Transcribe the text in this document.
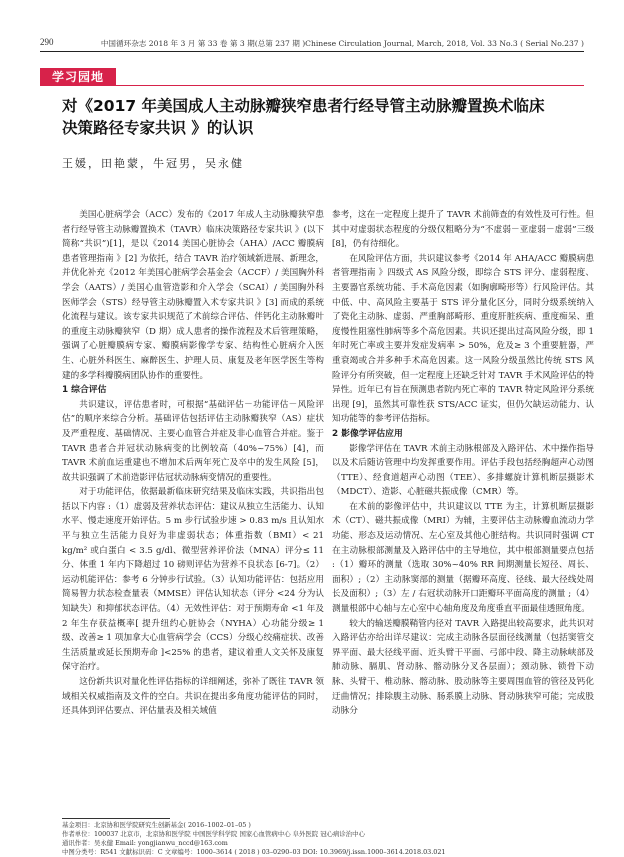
290	中国循环杂志 2018 年 3 月 第 33 卷 第 3 期(总第 237 期 )Chinese Circulation Journal, March, 2018, Vol. 33 No.3 ( Serial No.237 )
学习园地
对《2017 年美国成人主动脉瓣狭窄患者行经导管主动脉瓣置换术临床
决策路径专家共识 》的认识
王媛，田艳蒙，牛冠男，吴永健

美国心脏病学会（ACC）发布的《2017 年成人主动脉瓣狭窄患者行经导管主动脉瓣置换术（TAVR）临床决策路径专家共识 》(以下简称“共识”)[1]，是以《2014 美国心脏协会（AHA）/ACC 瓣膜病患者管理指南 》[2] 为依托，结合 TAVR 治疗领域新进展、新理念，并优化补充《2012 年美国心脏病学会基金会（ACCF）/ 美国胸外科学会（AATS）/ 美国心血管造影和介入学会（SCAI）/ 美国胸外科医师学会（STS）经导管主动脉瓣置入术专家共识 》[3] 而成的系统化流程与建议。该专家共识规范了术前综合评估、伴钙化主动脉瓣叶的重度主动脉瓣狭窄（D 期）成人患者的操作流程及术后管理策略，强调了心脏瓣膜病专家、瓣膜病影像学专家、结构性心脏病介入医生、心脏外科医生、麻醉医生、护理人员、康复及老年医学医生等构建的多学科瓣膜病团队协作的重要性。

1 综合评估

共识建议，评估患者时，可根据“基础评估－功能评估－风险评估”的顺序来综合分析。基础评估包括评估主动脉瓣狭窄（AS）症状及严重程度、基础情况、主要心血管合并症及非心血管合并症。鉴于 TAVR 患者合并冠状动脉病变的比例较高（40%~75%）[4]，而 TAVR 术前血运重建也不增加术后两年死亡及卒中的发生风险 [5]，故共识强调了术前造影评估冠状动脉病变情况的重要性。

对于功能评估，依据最新临床研究结果及临床实践，共识指出包括以下内容 :（1）虚弱及营养状态评估：建议从独立生活能力、认知水平、慢走速度开始评估。5 m 步行试验步速 > 0.83 m/s 且认知水平与独立生活能力良好为非虚弱状态；体重指数（BMI）< 21 kg/m² 或白蛋白 < 3.5 g/dl、微型营养评价法（MNA）评分≤ 11 分、体重 1 年内下降超过 10 磅则评估为营养不良状态 [6-7]。（2）运动机能评估：参考 6 分钟步行试验。（3）认知功能评估：包括应用简易智力状态检查量表（MMSE）评估认知状态（评分 <24 分为认知缺失）和抑郁状态评估。（4）无效性评估：对于预期寿命 <1 年及 2 年生存获益概率[ 提升纽约心脏协会（NYHA）心功能分级≥ 1 级、改善≥ 1 项加拿大心血管病学会（CCS）分级心绞痛症状、改善生活质量或延长预期寿命 ]<25% 的患者，建议着重人文关怀及康复保守治疗。

这份新共识对量化性评估指标的详细阐述，弥补了既往 TAVR 领域相关权威指南及文件的空白。共识在提出多角度功能评估的同时，还具体到评估要点、评估量表及相关域值

参考，这在一定程度上提升了 TAVR 术前筛查的有效性及可行性。但其中对虚弱状态程度的分级仅粗略分为“不虚弱－亚虚弱－虚弱”三级 [8]，仍有待细化。

在风险评估方面，共识建议参考《2014 年 AHA/ACC 瓣膜病患者管理指南 》四级式 AS 风险分级，即综合 STS 评分、虚弱程度、主要器官系统功能、手术高危因素（如胸廓畸形等）行风险评估。其中低、中、高风险主要基于 STS 评分量化区分，同时分级系统纳入了瓷化主动脉、虚弱、严重胸部畸形、重度肝脏疾病、重度痴呆、重度慢性阻塞性肺病等多个高危因素。共识还提出过高风险分级，即 1 年时死亡率或主要并发症发病率 > 50%，危及≥ 3 个重要脏器，严重衰竭或合并多种手术高危因素。这一风险分级虽然比传统 STS 风险评分有所突破，但一定程度上还缺乏针对 TAVR 手术风险评估的特异性。近年已有旨在预测患者院内死亡率的 TAVR 特定风险评分系统出现 [9]，虽然其可靠性获 STS/ACC 证实，但仍欠缺运动能力、认知功能等的参考评估指标。

2 影像学评估应用

影像学评估在 TAVR 术前主动脉根部及入路评估、术中操作指导以及术后随访管理中均发挥重要作用。评估手段包括经胸超声心动图（TTE）、经食道超声心动图（TEE）、多排螺旋计算机断层摄影术（MDCT）、造影、心脏磁共振成像（CMR）等。

在术前的影像评估中，共识建议以 TTE 为主，计算机断层摄影术（CT）、磁共振成像（MRI）为辅，主要评估主动脉瓣血流动力学功能、形态及运动情况、左心室及其他心脏结构。共识同时强调 CT 在主动脉根部测量及入路评估中的主导地位，其中根部测量要点包括 :（1）瓣环的测量（选取 30%~40% RR 间期测量长短径、周长、面积）;（2）主动脉窦部的测量（据瓣环高度、径线、最大径线处周长及面积）;（3）左 / 右冠状动脉开口距瓣环平面高度的测量 ;（4）测量根部中心轴与左心室中心轴角度及角度垂直平面最佳透照角度。

较大的输送瓣膜鞘管内径对 TAVR 入路提出较高要求，此共识对入路评估亦给出详尽建议：完成主动脉各层面径线测量（包括窦管交界平面、最大径线平面、近头臂干平面、弓部中段、降主动脉峡部及肺动脉、膈肌、肾动脉、髂动脉分叉各层面）；颈动脉、锁骨下动脉、头臂干、椎动脉、髂动脉、股动脉等主要周围血管的管径及钙化迂曲情况；排除腹主动脉、肠系膜上动脉、肾动脉狭窄可能；完成股动脉分

基金项目：北京协和医学院研究生创新基金( 2016–1002–01–05 )
作者单位：100037 北京市，北京协和医学院 中国医学科学院 国家心血管病中心 阜外医院 冠心病诊治中心
通讯作者：吴永健 Email: yongjianwu_nccd@163.com
中图分类号：R541 文献标识码：C 文章编号：1000–3614 ( 2018 ) 03–0290–03 DOI: 10.3969/j.issn.1000–3614.2018.03.021
